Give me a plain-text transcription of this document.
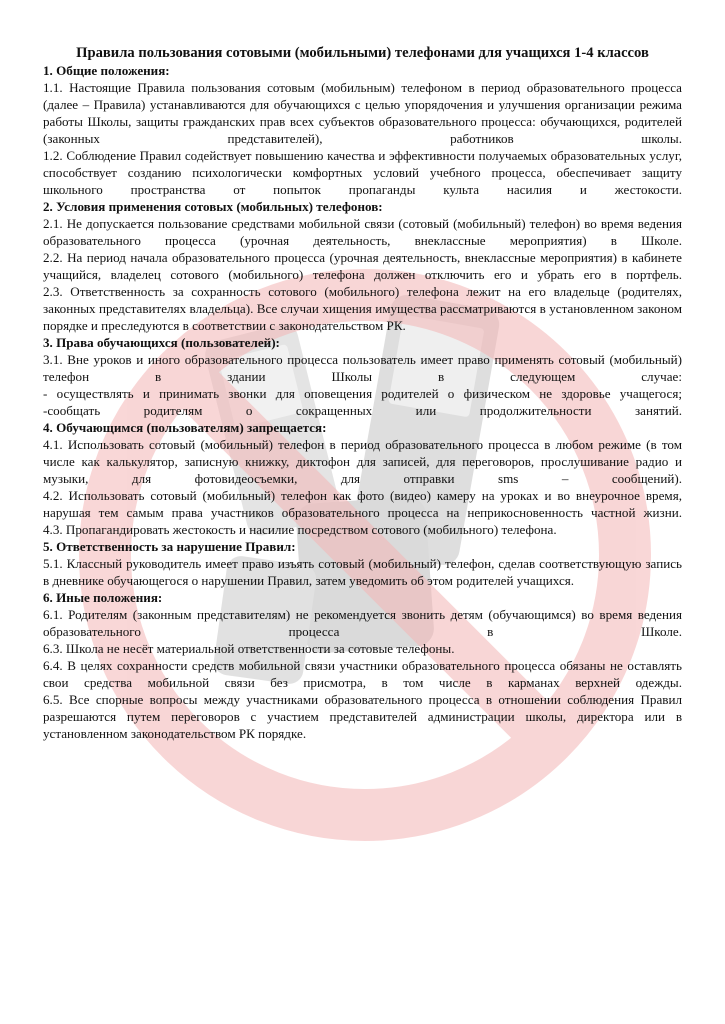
Правила пользования сотовыми (мобильными) телефонами для учащихся 1-4 классов
1. Общие положения:
1.1. Настоящие Правила пользования сотовым (мобильным) телефоном в период образовательного процесса (далее – Правила) устанавливаются для обучающихся с целью упорядочения и улучшения организации режима работы Школы, защиты гражданских прав всех субъектов образовательного процесса: обучающихся, родителей (законных представителей), работников школы.
1.2. Соблюдение Правил содействует повышению качества и эффективности получаемых образовательных услуг, способствует созданию психологически комфортных условий учебного процесса, обеспечивает защиту школьного пространства от попыток пропаганды культа насилия и жестокости.
2. Условия применения сотовых (мобильных) телефонов:
2.1. Не допускается пользование средствами мобильной связи (сотовый (мобильный) телефон) во время ведения образовательного процесса (урочная деятельность, внеклассные мероприятия) в Школе.
2.2. На период начала образовательного процесса (урочная деятельность, внеклассные мероприятия) в кабинете учащийся, владелец сотового (мобильного) телефона должен отключить его и убрать его в портфель.
2.3. Ответственность за сохранность сотового (мобильного) телефона лежит на его владельце (родителях, законных представителях владельца). Все случаи хищения имущества рассматриваются в установленном законом порядке и преследуются в соответствии с законодательством РК.
3. Права обучающихся (пользователей):
3.1. Вне уроков и иного образовательного процесса пользователь имеет право применять сотовый (мобильный) телефон в здании Школы в следующем случае:
- осуществлять и принимать звонки для оповещения родителей о физическом не здоровье учащегося;
-сообщать родителям о сокращенных или продолжительности занятий.
4. Обучающимся (пользователям) запрещается:
4.1. Использовать сотовый (мобильный) телефон в период образовательного процесса в любом режиме (в том числе как калькулятор, записную книжку, диктофон для записей, для переговоров, прослушивание радио и музыки, для фотовидеосъемки, для отправки sms – сообщений).
4.2. Использовать сотовый (мобильный) телефон как фото (видео) камеру на уроках и во внеурочное время, нарушая тем самым права участников образовательного процесса на неприкосновенность частной жизни.
4.3. Пропагандировать жестокость и насилие посредством сотового (мобильного) телефона.
5. Ответственность за нарушение Правил:
5.1. Классный руководитель имеет право изъять сотовый (мобильный) телефон, сделав соответствующую запись в дневнике обучающегося о нарушении Правил, затем уведомить об этом родителей учащихся.
6. Иные положения:
6.1. Родителям (законным представителям) не рекомендуется звонить детям (обучающимся) во время ведения образовательного процесса в Школе.
6.3. Школа не несёт материальной ответственности за сотовые телефоны.
6.4. В целях сохранности средств мобильной связи участники образовательного процесса обязаны не оставлять свои средства мобильной связи без присмотра, в том числе в карманах верхней одежды.
6.5. Все спорные вопросы между участниками образовательного процесса в отношении соблюдения Правил разрешаются путем переговоров с участием представителей администрации школы, директора или в установленном законодательством РК порядке.
